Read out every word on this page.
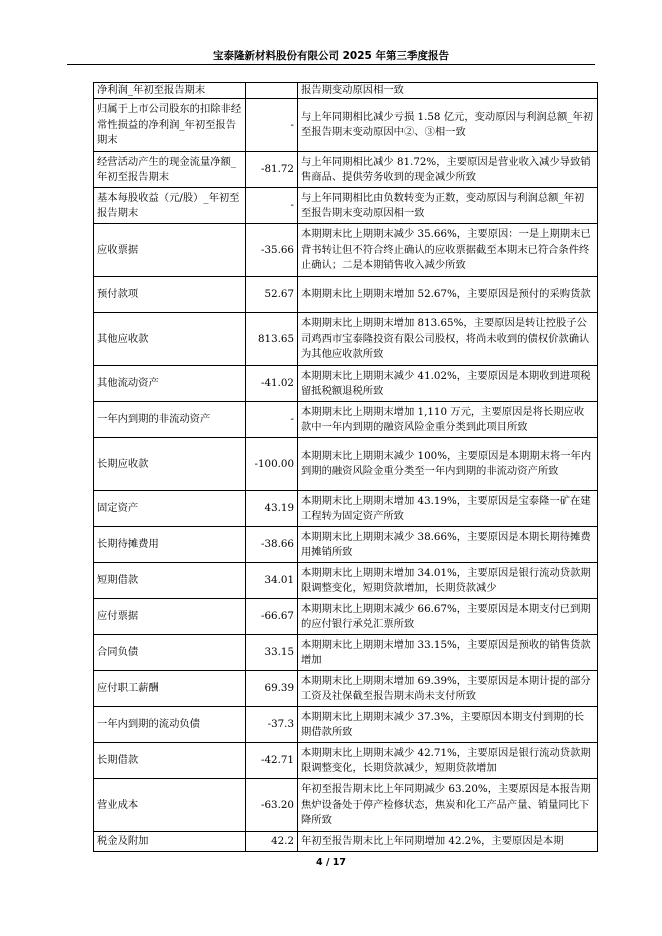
宝泰隆新材料股份有限公司 2025 年第三季度报告
净利润_年初至报告期末		报告期变动原因相一致
归属于上市公司股东的扣除非经常性损益的净利润_年初至报告期末	-	与上年同期相比减少亏损 1.58 亿元，变动原因与利润总额_年初至报告期末变动原因中②、③相一致
经营活动产生的现金流量净额_年初至报告期末	-81.72	与上年同期相比减少 81.72%，主要原因是营业收入减少导致销售商品、提供劳务收到的现金减少所致
基本每股收益（元/股）_年初至报告期末	-	与上年同期相比由负数转变为正数，变动原因与利润总额_年初至报告期末变动原因相一致
应收票据	-35.66	本期期末比上期期末减少 35.66%，主要原因：一是上期期末已背书转让但不符合终止确认的应收票据截至本期末已符合条件终止确认；二是本期销售收入减少所致
预付款项	52.67	本期期末比上期期末增加 52.67%，主要原因是预付的采购货款
其他应收款	813.65	本期期末比上期期末增加 813.65%，主要原因是转让控股子公司鸡西市宝泰隆投资有限公司股权，将尚未收到的债权价款确认为其他应收款所致
其他流动资产	-41.02	本期期末比上期期末减少 41.02%，主要原因是本期收到进项税留抵税额退税所致
一年内到期的非流动资产	-	本期期末比上期期末增加 1,110 万元，主要原因是将长期应收款中一年内到期的融资风险金重分类到此项目所致
长期应收款	-100.00	本期期末比上期期末减少 100%，主要原因是本期期末将一年内到期的融资风险金重分类至一年内到期的非流动资产所致
固定资产	43.19	本期期末比上期期末增加 43.19%，主要原因是宝泰隆一矿在建工程转为固定资产所致
长期待摊费用	-38.66	本期期末比上期期末减少 38.66%，主要原因是本期长期待摊费用摊销所致
短期借款	34.01	本期期末比上期期末增加 34.01%，主要原因是银行流动贷款期限调整变化，短期贷款增加，长期贷款减少
应付票据	-66.67	本期期末比上期期末减少 66.67%，主要原因是本期支付已到期的应付银行承兑汇票所致
合同负债	33.15	本期期末比上期期末增加 33.15%，主要原因是预收的销售货款增加
应付职工薪酬	69.39	本期期末比上期期末增加 69.39%，主要原因是本期计提的部分工资及社保截至报告期末尚未支付所致
一年内到期的流动负债	-37.3	本期期末比上期期末减少 37.3%，主要原因本期支付到期的长期借款所致
长期借款	-42.71	本期期末比上期期末减少 42.71%，主要原因是银行流动贷款期限调整变化，长期贷款减少，短期贷款增加
营业成本	-63.20	年初至报告期末比上年同期减少 63.20%，主要原因是本报告期焦炉设备处于停产检修状态，焦炭和化工产品产量、销量同比下降所致
税金及附加	42.2	年初至报告期末比上年同期增加 42.2%，主要原因是本期
4 / 17
